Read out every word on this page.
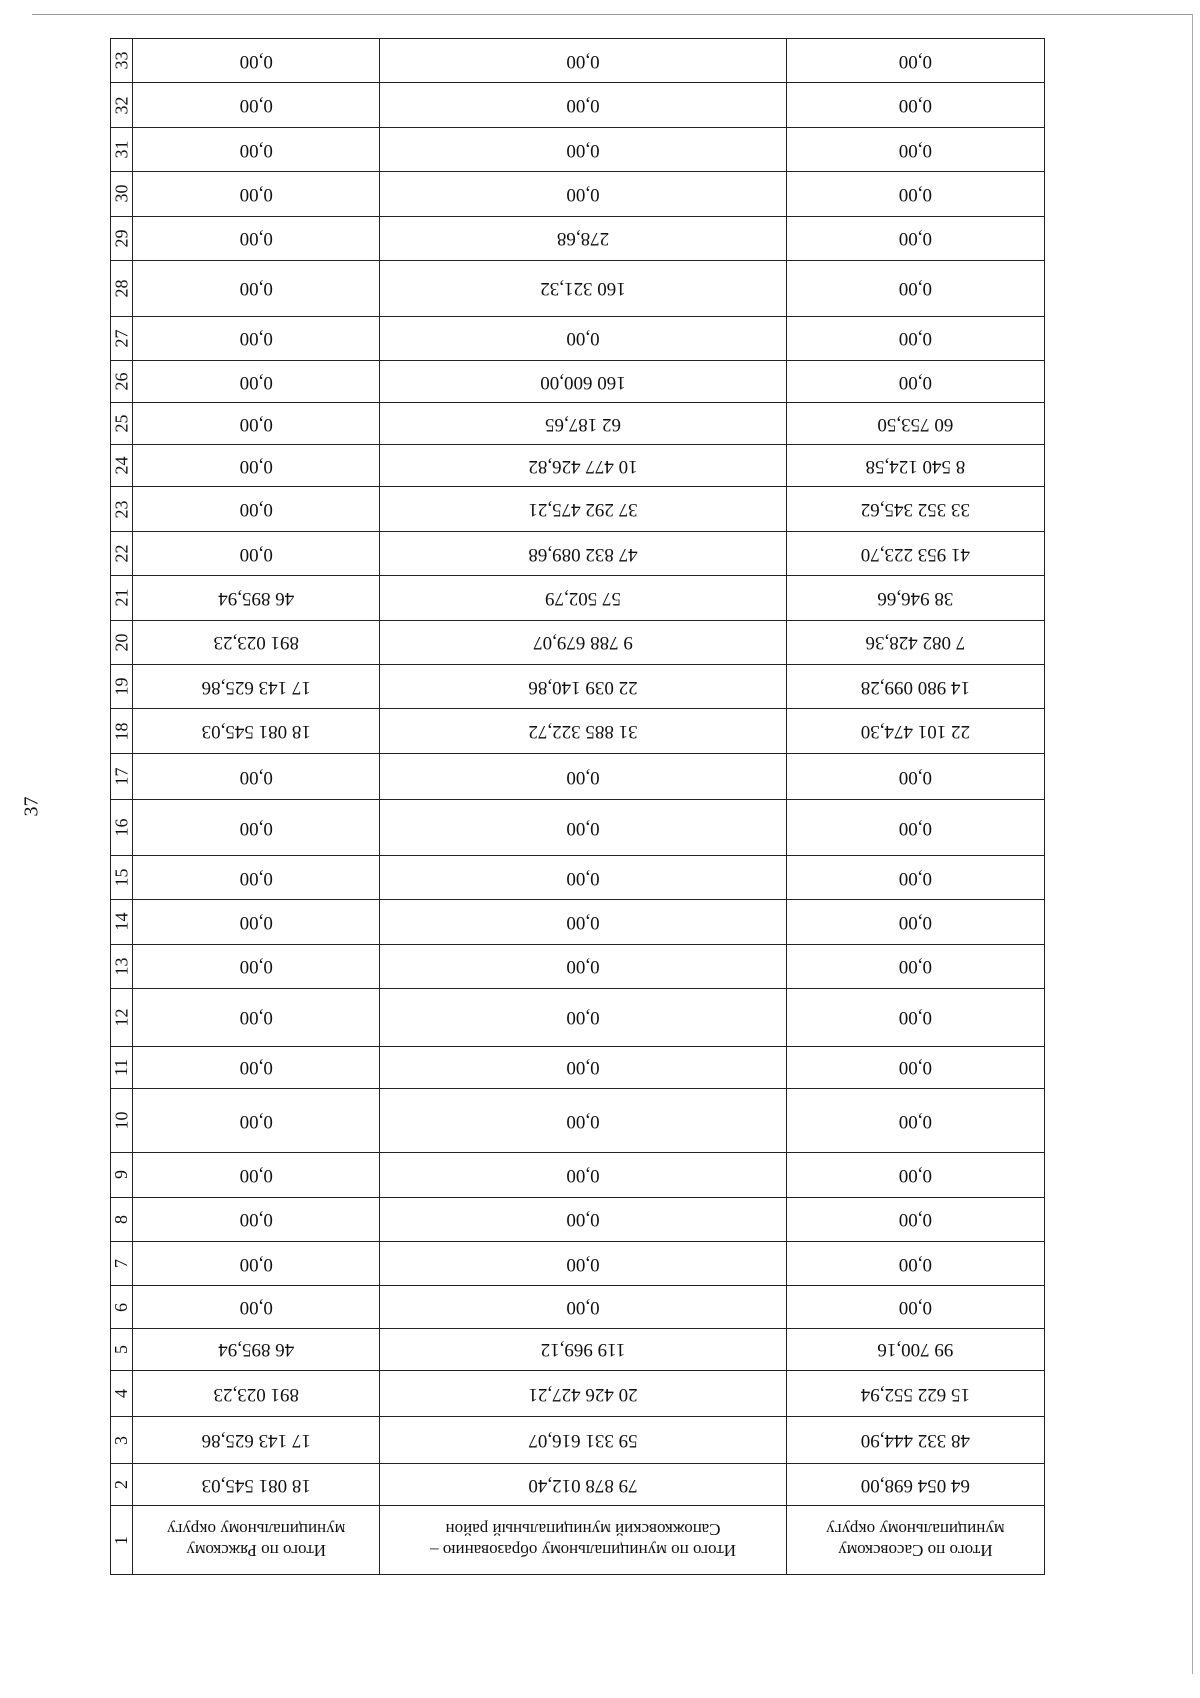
37
Итого по Сасовскому муниципальному округу	Итого по муниципальному образованию – Сапожковский муниципальный район	Итого по Ряжскому муниципальному округу	1
64 054 698,00	79 878 012,40	18 081 545,03	2
48 332 444,90	59 331 616,07	17 143 625,86	3
15 622 552,94	20 426 427,21	891 023,23	4
99 700,16	119 969,12	46 895,94	5
0,00	0,00	0,00	6
0,00	0,00	0,00	7
0,00	0,00	0,00	8
0,00	0,00	0,00	9
0,00	0,00	0,00	10
0,00	0,00	0,00	11
0,00	0,00	0,00	12
0,00	0,00	0,00	13
0,00	0,00	0,00	14
0,00	0,00	0,00	15
0,00	0,00	0,00	16
0,00	0,00	0,00	17
22 101 474,30	31 885 322,72	18 081 545,03	18
14 980 099,28	22 039 140,86	17 143 625,86	19
7 082 428,36	9 788 679,07	891 023,23	20
38 946,66	57 502,79	46 895,94	21
41 953 223,70	47 832 089,68	0,00	22
33 352 345,62	37 292 475,21	0,00	23
8 540 124,58	10 477 426,82	0,00	24
60 753,50	62 187,65	0,00	25
0,00	160 600,00	0,00	26
0,00	0,00	0,00	27
0,00	160 321,32	0,00	28
0,00	278,68	0,00	29
0,00	0,00	0,00	30
0,00	0,00	0,00	31
0,00	0,00	0,00	32
0,00	0,00	0,00	33
